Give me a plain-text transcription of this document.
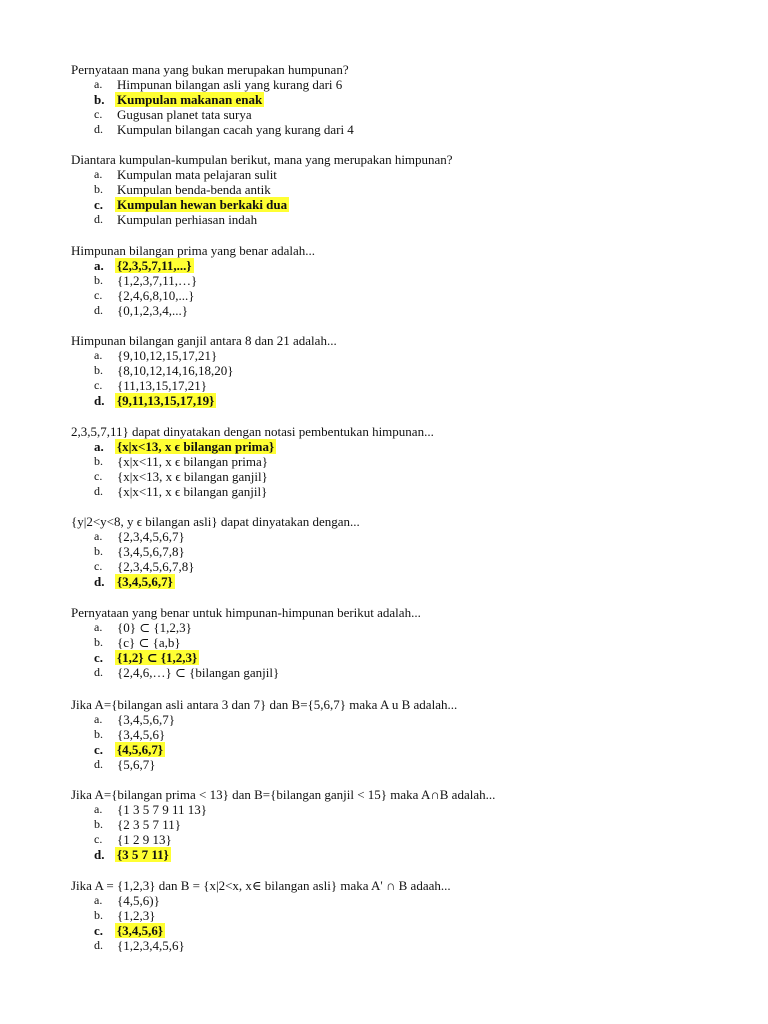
Pernyataan mana yang bukan merupakan humpunan?
a. Himpunan bilangan asli yang kurang dari 6
b. Kumpulan makanan enak
c. Gugusan planet tata surya
d. Kumpulan bilangan cacah yang kurang dari 4
Diantara kumpulan-kumpulan berikut, mana yang merupakan himpunan?
a. Kumpulan mata pelajaran sulit
b. Kumpulan benda-benda antik
c. Kumpulan hewan berkaki dua
d. Kumpulan perhiasan indah
Himpunan bilangan prima yang benar adalah...
a. {2,3,5,7,11,...}
b. {1,2,3,7,11,…}
c. {2,4,6,8,10,...}
d. {0,1,2,3,4,...}
Himpunan bilangan ganjil antara 8 dan 21 adalah...
a. {9,10,12,15,17,21}
b. {8,10,12,14,16,18,20}
c. {11,13,15,17,21}
d. {9,11,13,15,17,19}
2,3,5,7,11} dapat dinyatakan dengan notasi pembentukan himpunan...
a. {x|x<13, x ϵ bilangan prima}
b. {x|x<11, x ϵ bilangan prima}
c. {x|x<13, x ϵ bilangan ganjil}
d. {x|x<11, x ϵ bilangan ganjil}
{y|2<y<8, y ϵ bilangan asli} dapat dinyatakan dengan...
a. {2,3,4,5,6,7}
b. {3,4,5,6,7,8}
c. {2,3,4,5,6,7,8}
d. {3,4,5,6,7}
Pernyataan yang benar untuk himpunan-himpunan berikut adalah...
a. {0} ⊂ {1,2,3}
b. {c} ⊂ {a,b}
c. {1,2} ⊂ {1,2,3}
d. {2,4,6,…} ⊂ {bilangan ganjil}
Jika A={bilangan asli antara 3 dan 7} dan B={5,6,7} maka A u B adalah...
a. {3,4,5,6,7}
b. {3,4,5,6}
c. {4,5,6,7}
d. {5,6,7}
Jika A={bilangan prima < 13} dan B={bilangan ganjil < 15} maka A∩B adalah...
a. {1 3 5 7 9 11 13}
b. {2 3 5 7 11}
c. {1 2 9 13}
d. {3 5 7 11}
Jika A = {1,2,3} dan B = {x|2<x, x∈ bilangan asli} maka A' ∩ B adaah...
a. {4,5,6)}
b. {1,2,3}
c. {3,4,5,6}
d. {1,2,3,4,5,6}
